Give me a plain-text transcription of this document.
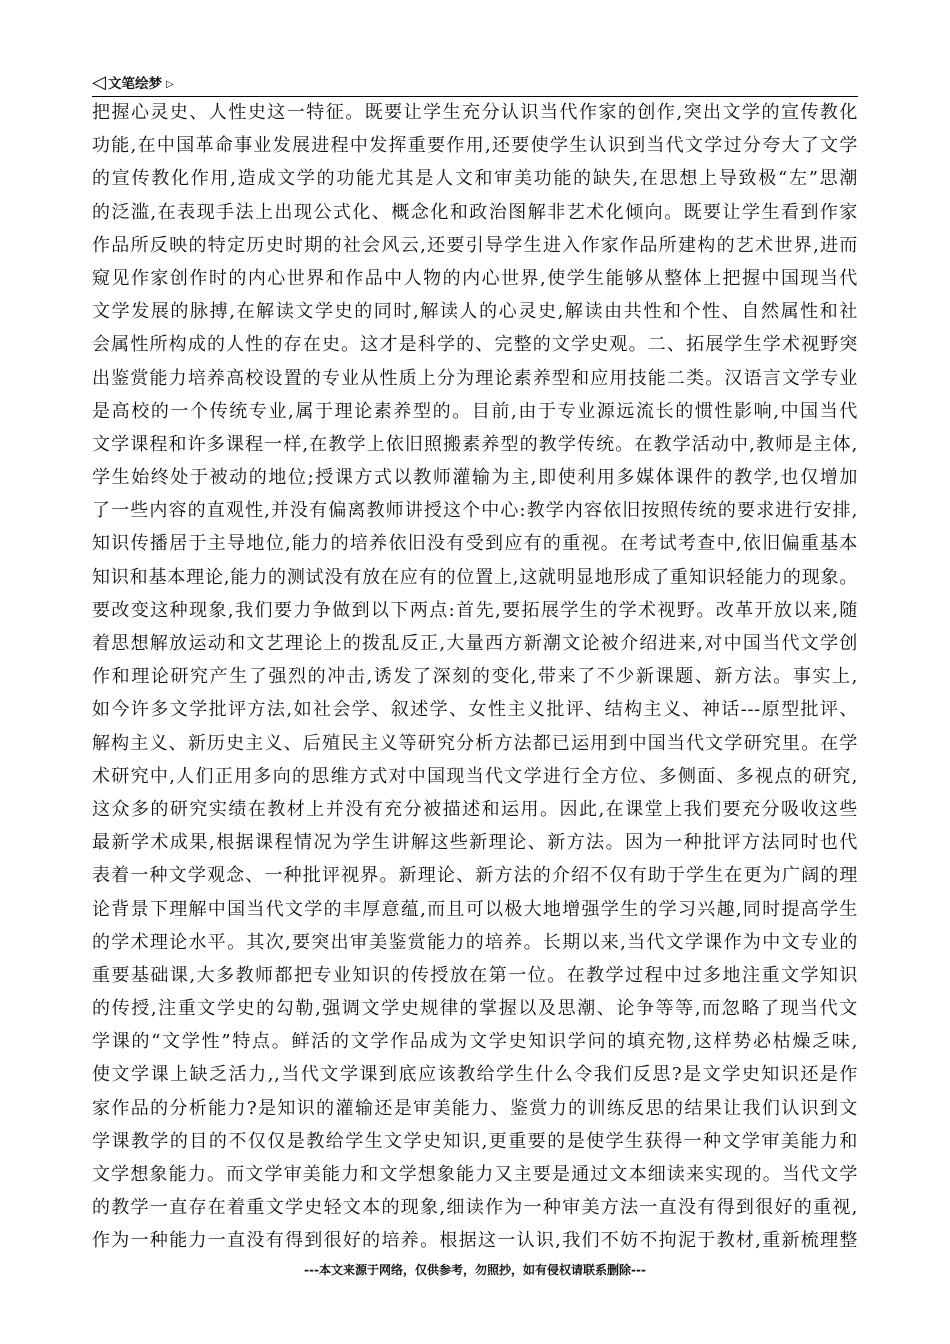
◁ 文笔绘梦 ▷
把握心灵史、人性史这一特征。既要让学生充分认识当代作家的创作,突出文学的宣传教化
功能,在中国革命事业发展进程中发挥重要作用,还要使学生认识到当代文学过分夸大了文学
的宣传教化作用,造成文学的功能尤其是人文和审美功能的缺失,在思想上导致极“左”思潮
的泛滥,在表现手法上出现公式化、概念化和政治图解非艺术化倾向。既要让学生看到作家
作品所反映的特定历史时期的社会风云,还要引导学生进入作家作品所建构的艺术世界,进而
窥见作家创作时的内心世界和作品中人物的内心世界,使学生能够从整体上把握中国现当代
文学发展的脉搏,在解读文学史的同时,解读人的心灵史,解读由共性和个性、自然属性和社
会属性所构成的人性的存在史。这才是科学的、完整的文学史观。二、拓展学生学术视野突
出鉴赏能力培养高校设置的专业从性质上分为理论素养型和应用技能二类。汉语言文学专业
是高校的一个传统专业,属于理论素养型的。目前,由于专业源远流长的惯性影响,中国当代
文学课程和许多课程一样,在教学上依旧照搬素养型的教学传统。在教学活动中,教师是主体,
学生始终处于被动的地位;授课方式以教师灌输为主,即使利用多媒体课件的教学,也仅增加
了一些内容的直观性,并没有偏离教师讲授这个中心:教学内容依旧按照传统的要求进行安排,
知识传播居于主导地位,能力的培养依旧没有受到应有的重视。在考试考查中,依旧偏重基本
知识和基本理论,能力的测试没有放在应有的位置上,这就明显地形成了重知识轻能力的现象。
要改变这种现象,我们要力争做到以下两点:首先,要拓展学生的学术视野。改革开放以来,随
着思想解放运动和文艺理论上的拨乱反正,大量西方新潮文论被介绍进来,对中国当代文学创
作和理论研究产生了强烈的冲击,诱发了深刻的变化,带来了不少新课题、新方法。事实上,
如今许多文学批评方法,如社会学、叙述学、女性主义批评、结构主义、神话---原型批评、
解构主义、新历史主义、后殖民主义等研究分析方法都已运用到中国当代文学研究里。在学
术研究中,人们正用多向的思维方式对中国现当代文学进行全方位、多侧面、多视点的研究,
这众多的研究实绩在教材上并没有充分被描述和运用。因此,在课堂上我们要充分吸收这些
最新学术成果,根据课程情况为学生讲解这些新理论、新方法。因为一种批评方法同时也代
表着一种文学观念、一种批评视界。新理论、新方法的介绍不仅有助于学生在更为广阔的理
论背景下理解中国当代文学的丰厚意蕴,而且可以极大地增强学生的学习兴趣,同时提高学生
的学术理论水平。其次,要突出审美鉴赏能力的培养。长期以来,当代文学课作为中文专业的
重要基础课,大多教师都把专业知识的传授放在第一位。在教学过程中过多地注重文学知识
的传授,注重文学史的勾勒,强调文学史规律的掌握以及思潮、论争等等,而忽略了现当代文
学课的“文学性”特点。鲜活的文学作品成为文学史知识学问的填充物,这样势必枯燥乏味,
使文学课上缺乏活力,,当代文学课到底应该教给学生什么令我们反思?是文学史知识还是作
家作品的分析能力?是知识的灌输还是审美能力、鉴赏力的训练反思的结果让我们认识到文
学课教学的目的不仅仅是教给学生文学史知识,更重要的是使学生获得一种文学审美能力和
文学想象能力。而文学审美能力和文学想象能力又主要是通过文本细读来实现的。当代文学
的教学一直存在着重文学史轻文本的现象,细读作为一种审美方法一直没有得到很好的重视,
作为一种能力一直没有得到很好的培养。根据这一认识,我们不妨不拘泥于教材,重新梳理整
---本文来源于网络，仅供参考，勿照抄，如有侵权请联系删除---
